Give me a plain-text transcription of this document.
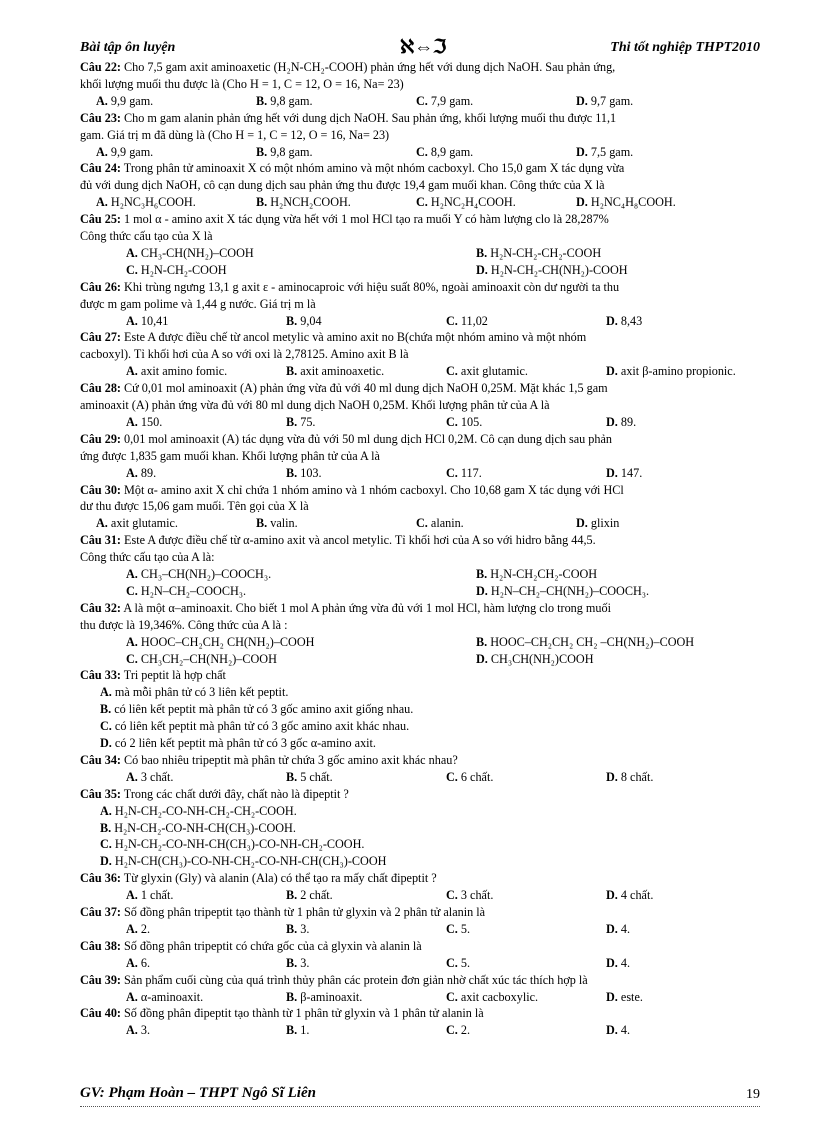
Bài tập ôn luyện	ℵ⇔ℑ	Thi tốt nghiệp THPT2010
Câu 22: Cho 7,5 gam axit aminoaxetic (H₂N-CH₂-COOH) phản ứng hết với dung dịch NaOH. Sau phản ứng,
khối lượng muối thu được là (Cho H = 1, C = 12, O = 16, Na= 23)
A. 9,9 gam.	B. 9,8 gam.	C. 7,9 gam.	D. 9,7 gam.
Câu 23: Cho m gam alanin phản ứng hết với dung dịch NaOH. Sau phản ứng, khối lượng muối thu được 11,1
gam. Giá trị m đã dùng là (Cho H = 1, C = 12, O = 16, Na= 23)
A. 9,9 gam.	B. 9,8 gam.	C. 8,9 gam.	D. 7,5 gam.
Câu 24: Trong phân tử aminoaxit X có một nhóm amino và một nhóm cacboxyl. Cho 15,0 gam X tác dụng vừa
đủ với dung dịch NaOH, cô cạn dung dịch sau phản ứng thu được 19,4 gam muối khan. Công thức của X là
A. H₂NC₃H₆COOH.	B. H₂NCH₂COOH.	C. H₂NC₂H₄COOH.	D. H₂NC₄H₈COOH.
Câu 25: 1 mol α - amino axit X tác dụng vừa hết với 1 mol HCl tạo ra muối Y có hàm lượng clo là 28,287%
Công thức cấu tạo của X là
A. CH₃-CH(NH₂)–COOH	B. H₂N-CH₂-CH₂-COOH
C. H₂N-CH₂-COOH	D. H₂N-CH₂-CH(NH₂)-COOH
Câu 26: Khi trùng ngưng 13,1 g axit ε - aminocaproic với hiệu suất 80%, ngoài aminoaxit còn dư người ta thu
được m gam polime và 1,44 g nước. Giá trị m là
A. 10,41	B. 9,04	C. 11,02	D. 8,43
Câu 27: Este A được điều chế từ ancol metylic và amino axit no B(chứa một nhóm amino và một nhóm
cacboxyl). Tỉ khối hơi của A so với oxi là 2,78125. Amino axit B là
A. axit amino fomic.	B. axit aminoaxetic.	C. axit glutamic.	D. axit β-amino propionic.
Câu 28: Cứ 0,01 mol aminoaxit (A) phản ứng vừa đủ với 40 ml dung dịch NaOH 0,25M. Mặt khác 1,5 gam
aminoaxit (A) phản ứng vừa đủ với 80 ml dung dịch NaOH 0,25M. Khối lượng phân tử của A là
A. 150.	B. 75.	C. 105.	D. 89.
Câu 29: 0,01 mol aminoaxit (A) tác dụng vừa đủ với 50 ml dung dịch HCl 0,2M. Cô cạn dung dịch sau phản
ứng được 1,835 gam muối khan. Khối lượng phân tử của A là
A. 89.	B. 103.	C. 117.	D. 147.
Câu 30: Một α- amino axit X chỉ chứa 1 nhóm amino và 1 nhóm cacboxyl. Cho 10,68 gam X tác dụng với HCl
dư thu được 15,06 gam muối. Tên gọi của X là
A. axit glutamic.	B. valin.	C. alanin.	D. glixin
Câu 31: Este A được điều chế từ α-amino axit và ancol metylic. Tỉ khối hơi của A so với hidro bằng 44,5.
Công thức cấu tạo của A là:
A. CH₃–CH(NH₂)–COOCH₃.	B. H₂N-CH₂CH₂-COOH
C. H₂N–CH₂–COOCH₃.	D. H₂N–CH₂–CH(NH₂)–COOCH₃.
Câu 32: A là một α–aminoaxit. Cho biết 1 mol A phản ứng vừa đủ với 1 mol HCl, hàm lượng clo trong muối
thu được là 19,346%. Công thức của A là :
A. HOOC–CH₂CH₂ CH(NH₂)–COOH	B. HOOC–CH₂CH₂ CH₂ –CH(NH₂)–COOH
C. CH₃CH₂–CH(NH₂)–COOH	D. CH₃CH(NH₂)COOH
Câu 33: Tri peptit là hợp chất
A. mà mỗi phân tử có 3 liên kết peptit.
B. có liên kết peptit mà phân tử có 3 gốc amino axit giống nhau.
C. có liên kết peptit mà phân tử có 3 gốc amino axit khác nhau.
D. có 2 liên kết peptit mà phân tử có 3 gốc α-amino axit.
Câu 34: Có bao nhiêu tripeptit mà phân tử chứa 3 gốc amino axit khác nhau?
A. 3 chất.	B. 5 chất.	C. 6 chất.	D. 8 chất.
Câu 35: Trong các chất dưới đây, chất nào là đipeptit ?
A. H₂N-CH₂-CO-NH-CH₂-CH₂-COOH.
B. H₂N-CH₂-CO-NH-CH(CH₃)-COOH.
C. H₂N-CH₂-CO-NH-CH(CH₃)-CO-NH-CH₂-COOH.
D. H₂N-CH(CH₃)-CO-NH-CH₂-CO-NH-CH(CH₃)-COOH
Câu 36: Từ glyxin (Gly) và alanin (Ala) có thể tạo ra mấy chất đipeptit ?
A. 1 chất.	B. 2 chất.	C. 3 chất.	D. 4 chất.
Câu 37: Số đồng phân tripeptit tạo thành từ 1 phân tử glyxin và 2 phân tử alanin là
A. 2.	B. 3.	C. 5.	D. 4.
Câu 38: Số đồng phân tripeptit có chứa gốc của cả glyxin và alanin là
A. 6.	B. 3.	C. 5.	D. 4.
Câu 39: Sản phẩm cuối cùng của quá trình thủy phân các protein đơn giản nhờ chất xúc tác thích hợp là
A. α-aminoaxit.	B. β-aminoaxit.	C. axit cacboxylic.	D. este.
Câu 40: Số đồng phân đipeptit tạo thành từ 1 phân tử glyxin và 1 phân tử alanin là
A. 3.	B. 1.	C. 2.	D. 4.
GV: Phạm Hoàn – THPT Ngô Sĩ Liên	19
